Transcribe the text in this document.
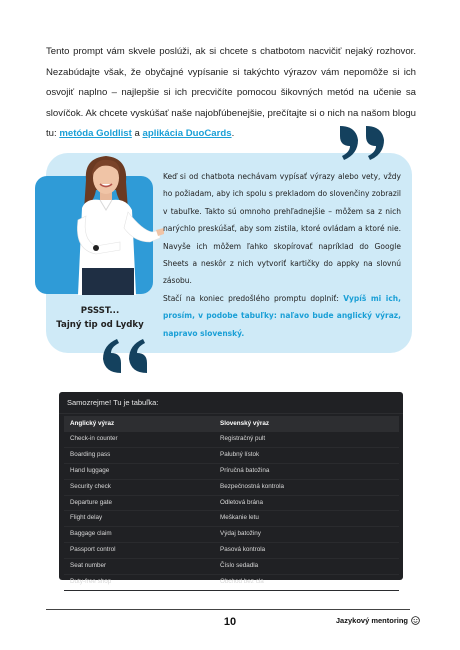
Tento prompt vám skvele poslúži, ak si chcete s chatbotom nacvičiť nejaký rozhovor. Nezabúdajte však, že obyčajné vypísanie si takýchto výrazov vám nepomôže si ich osvojiť naplno – najlepšie si ich precvičíte pomocou šikovných metód na učenie sa slovíčok. Ak chcete vyskúšať naše najobľúbenejšie, prečítajte si o nich na našom blogu tu: metóda Goldlist a aplikácia DuoCards.
PSSST...
Tajný tip od Lydky
Keď si od chatbota nechávam vypísať výrazy alebo vety, vždy ho požiadam, aby ich spolu s prekladom do slovenčiny zobrazil v tabuľke. Takto sú omnoho prehľadnejšie – môžem sa z nich narýchlo preskúšať, aby som zistila, ktoré ovládam a ktoré nie. Navyše ich môžem ľahko skopírovať napríklad do Google Sheets a neskôr z nich vytvoriť kartičky do appky na slovnú zásobu.
Stačí na koniec predošlého promptu doplniť: Vypíš mi ich, prosím, v podobe tabuľky: naľavo bude anglický výraz, napravo slovenský.
Samozrejme! Tu je tabuľka:
Anglický výraz	Slovenský výraz
Check-in counter	Registračný pult
Boarding pass	Palubný lístok
Hand luggage	Príručná batožina
Security check	Bezpečnostná kontrola
Departure gate	Odletová brána
Flight delay	Meškanie letu
Baggage claim	Výdaj batožiny
Passport control	Pasová kontrola
Seat number	Číslo sedadla
Duty-free shop	Obchod bez cla
10	Jazykový mentoring
